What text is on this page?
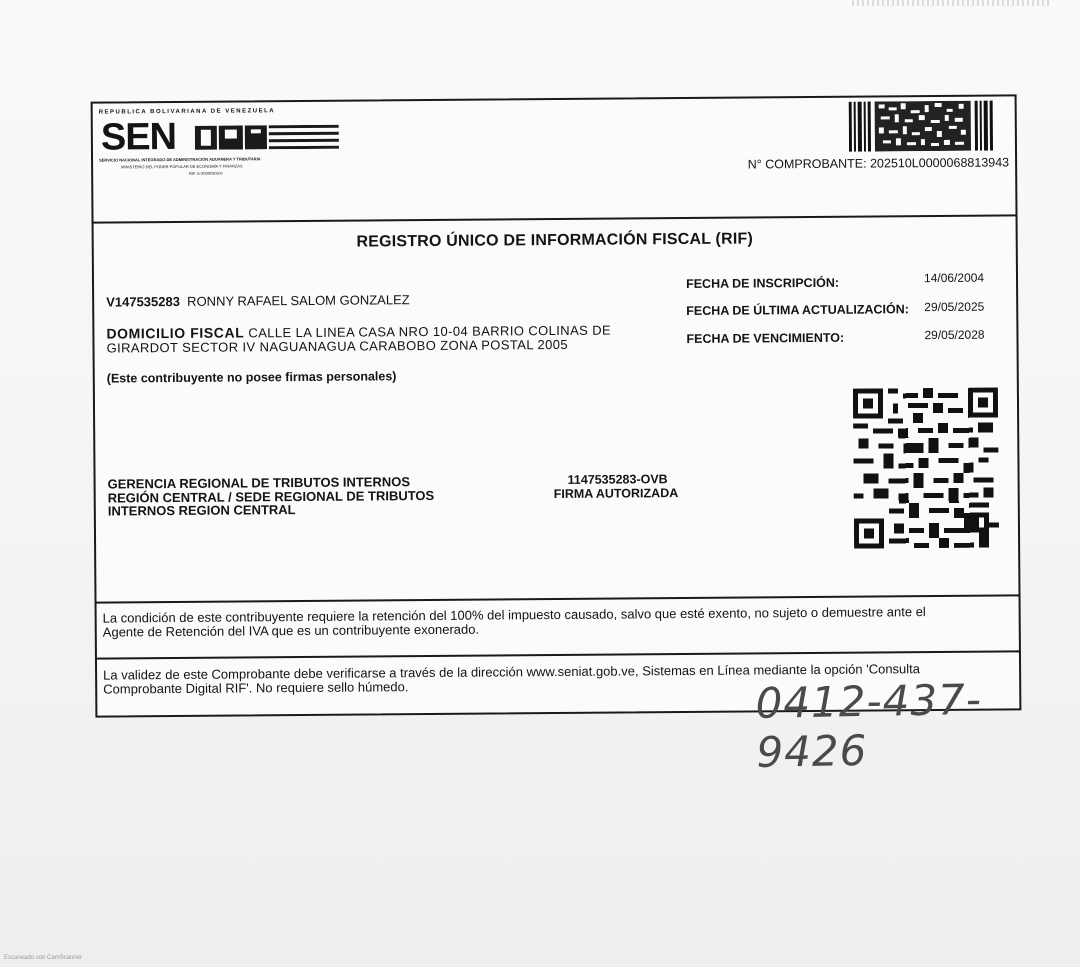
REPUBLICA BOLIVARIANA DE VENEZUELA
SEN
SERVICIO NACIONAL INTEGRADO DE ADMINISTRACIÓN ADUANERA Y TRIBUTARIA
MINISTERIO DEL PODER POPULAR DE ECONOMÍA Y FINANZAS
RIF G-20000303-0
N° COMPROBANTE: 202510L0000068813943
REGISTRO ÚNICO DE INFORMACIÓN FISCAL (RIF)
FECHA DE INSCRIPCIÓN:	14/06/2004
FECHA DE ÚLTIMA ACTUALIZACIÓN: 29/05/2025
FECHA DE VENCIMIENTO:	29/05/2028
V147535283 RONNY RAFAEL SALOM GONZALEZ
DOMICILIO FISCAL CALLE LA LINEA CASA NRO 10-04 BARRIO COLINAS DE
GIRARDOT SECTOR IV NAGUANAGUA CARABOBO ZONA POSTAL 2005
(Este contribuyente no posee firmas personales)
GERENCIA REGIONAL DE TRIBUTOS INTERNOS
REGIÓN CENTRAL / SEDE REGIONAL DE TRIBUTOS
INTERNOS REGION CENTRAL
1147535283-OVB
FIRMA AUTORIZADA
La condición de este contribuyente requiere la retención del 100% del impuesto causado, salvo que esté exento, no sujeto o demuestre ante el
Agente de Retención del IVA que es un contribuyente exonerado.
La validez de este Comprobante debe verificarse a través de la dirección www.seniat.gob.ve, Sistemas en Línea mediante la opción 'Consulta
Comprobante Digital RIF'. No requiere sello húmedo.	0412-437-9426
Escaneado con CamScanner
